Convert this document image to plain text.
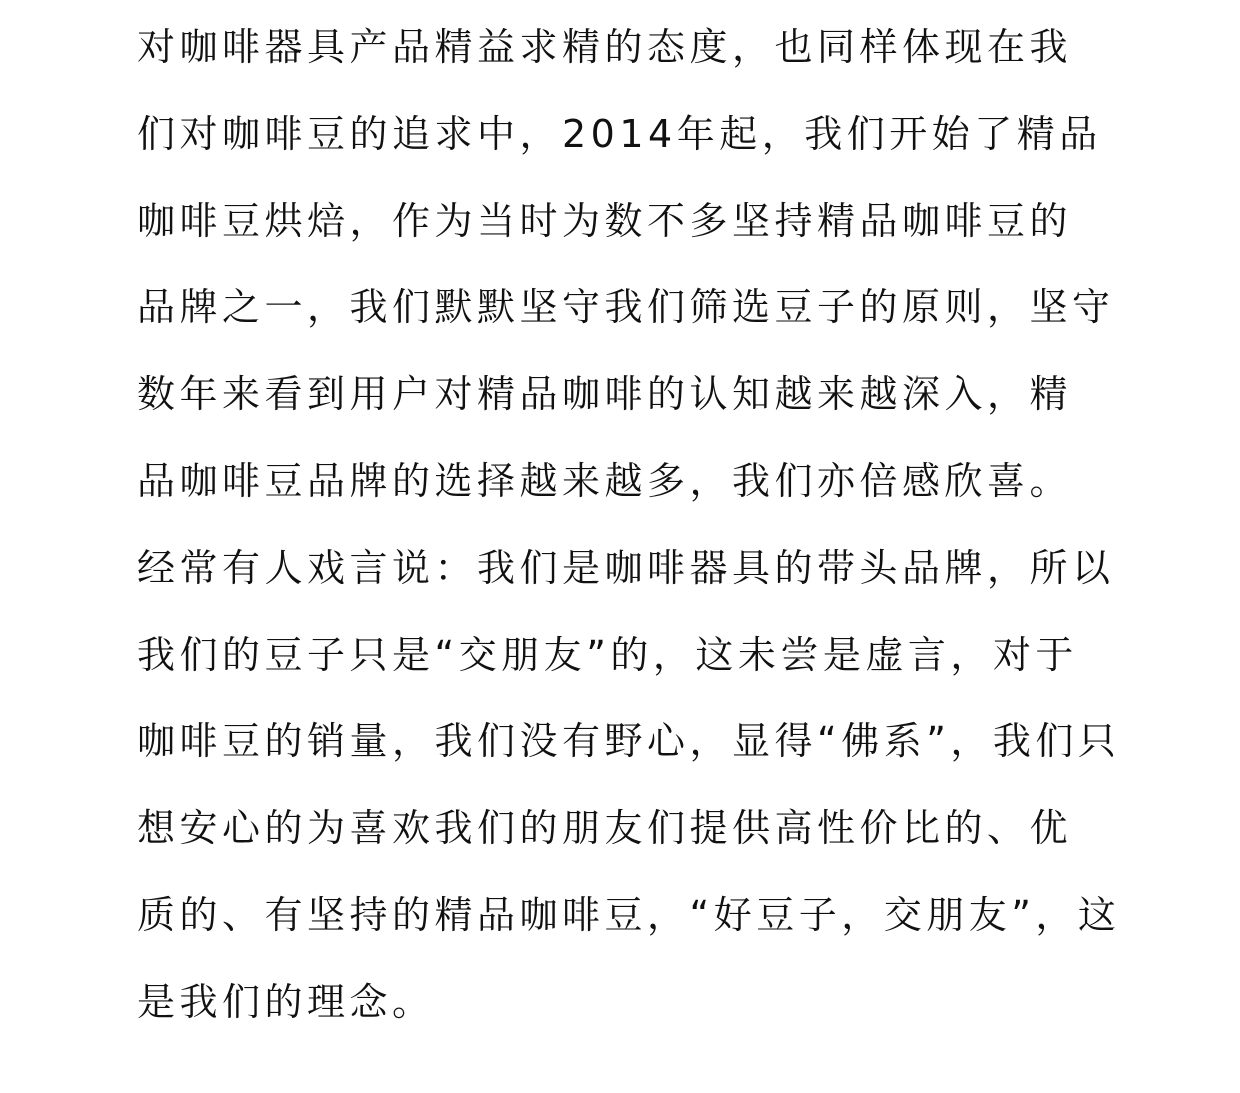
对咖啡器具产品精益求精的态度，也同样体现在我
们对咖啡豆的追求中，2014年起，我们开始了精品
咖啡豆烘焙，作为当时为数不多坚持精品咖啡豆的
品牌之一，我们默默坚守我们筛选豆子的原则，坚守
数年来看到用户对精品咖啡的认知越来越深入，精
品咖啡豆品牌的选择越来越多，我们亦倍感欣喜。
经常有人戏言说：我们是咖啡器具的带头品牌，所以
我们的豆子只是“交朋友”的，这未尝是虚言，对于
咖啡豆的销量，我们没有野心，显得“佛系”，我们只
想安心的为喜欢我们的朋友们提供高性价比的、优
质的、有坚持的精品咖啡豆，“好豆子，交朋友”，这
是我们的理念。
